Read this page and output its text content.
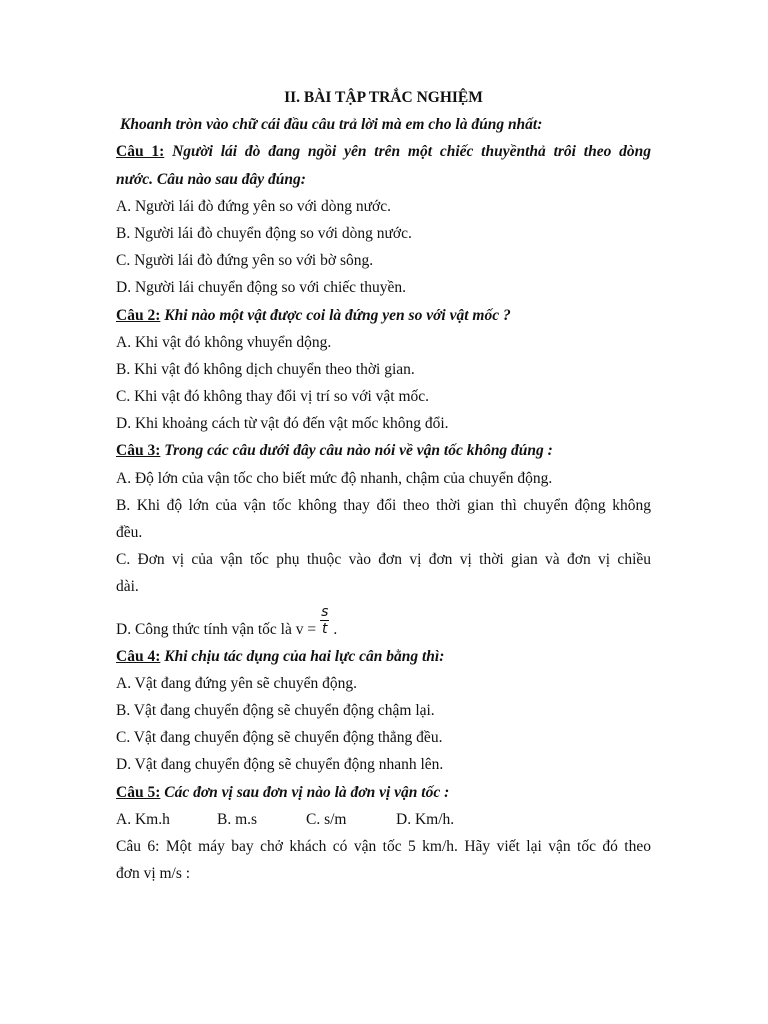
II. BÀI TẬP TRẮC NGHIỆM
Khoanh tròn vào chữ cái đầu câu trả lời mà em cho là đúng nhất:
Câu 1: Người lái đò đang ngồi yên trên một chiếc thuyềnthả trôi theo dòng
nước. Câu nào sau đây đúng:
A. Người lái đò đứng yên so với dòng nước.
B. Người lái đò chuyển động so với dòng nước.
C. Người lái đò đứng yên so với bờ sông.
D. Người lái chuyển động so với chiếc thuyền.
Câu 2: Khi nào một vật được coi là đứng yen so với vật mốc ?
A. Khi vật đó không vhuyển dộng.
B. Khi vật đó không dịch chuyển theo thời gian.
C. Khi vật đó không thay đổi vị trí so với vật mốc.
D. Khi khoảng cách từ vật đó đến vật mốc không đổi.
Câu 3: Trong các câu dưới đây câu nào nói về vận tốc không đúng :
A. Độ lớn của vận tốc cho biết mức độ nhanh, chậm của chuyển động.
B. Khi độ lớn của vận tốc không thay đổi theo thời gian thì chuyển động không
đều.
C. Đơn vị của vận tốc phụ thuộc vào đơn vị đơn vị thời gian và đơn vị chiều
dài.
D. Công thức tính vận tốc là $v = \frac{s}{t}$ .
Câu 4: Khi chịu tác dụng của hai lực cân bằng thì:
A. Vật đang đứng yên sẽ chuyển động.
B. Vật đang chuyển động sẽ chuyển động chậm lại.
C. Vật đang chuyển động sẽ chuyển động thẳng đều.
D. Vật đang chuyển động sẽ chuyển động nhanh lên.
Câu 5: Các đơn vị sau đơn vị nào là đơn vị vận tốc :
A. Km.h	B. m.s	C. s/m	D. Km/h.
Câu 6: Một máy bay chở khách có vận tốc 5 km/h. Hãy viết lại vận tốc đó theo
đơn vị m/s :
